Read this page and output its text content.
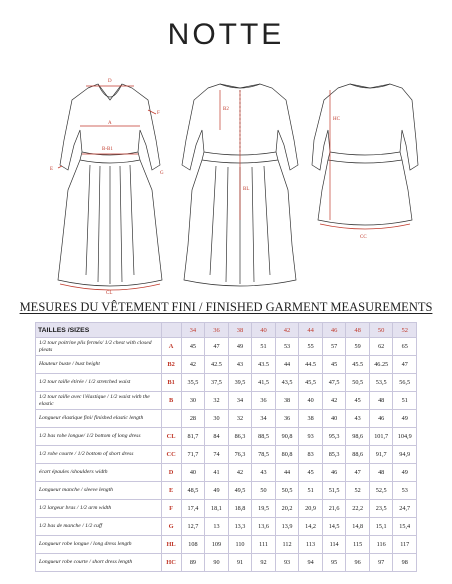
NOTTE
D
A
E
F
B-B1
G
CL
BL
B2
HC
CC
MESURES DU VÊTEMENT FINI / FINISHED GARMENT MEASUREMENTS
TAILLES /SIZES		34	36	38	40	42	44	46	48	50	52
1/2 tour poitrine plis fermés/ 1/2 chest with closed pleats	A	45	47	49	51	53	55	57	59	62	65
Hauteur buste / bust height	B2	42	42.5	43	43.5	44	44.5	45	45.5	46.25	47
1/2 tour taille étirée / 1/2 stretched waist	B1	35,5	37,5	39,5	41,5	43,5	45,5	47,5	50,5	53,5	56,5
1/2 tour taille avec l'élastique / 1/2 waist with the elastic	B	30	32	34	36	38	40	42	45	48	51
Longueur élastique fini/ finished elastic length		28	30	32	34	36	38	40	43	46	49
1/2 bas robe longue/ 1/2 bottom of long dress	CL	81,7	84	86,3	88,5	90,8	93	95,3	98,6	101,7	104,9
1/2 robe courte / 1/2 bottom of short dress	CC	71,7	74	76,3	78,5	80,8	83	85,3	88,6	91,7	94,9
écart épaules /shoulders width	D	40	41	42	43	44	45	46	47	48	49
Longueur manche / sleeve length	E	48,5	49	49,5	50	50,5	51	51,5	52	52,5	53
1/2 largeur bras / 1/2 arm width	F	17,4	18,1	18,8	19,5	20,2	20,9	21,6	22,2	23,5	24,7
1/2 bas de manche / 1/2 cuff	G	12,7	13	13,3	13,6	13,9	14,2	14,5	14,8	15,1	15,4
Longueur robe longue / long dress length	HL	108	109	110	111	112	113	114	115	116	117
Longueur robe courte / short dress length	HC	89	90	91	92	93	94	95	96	97	98
